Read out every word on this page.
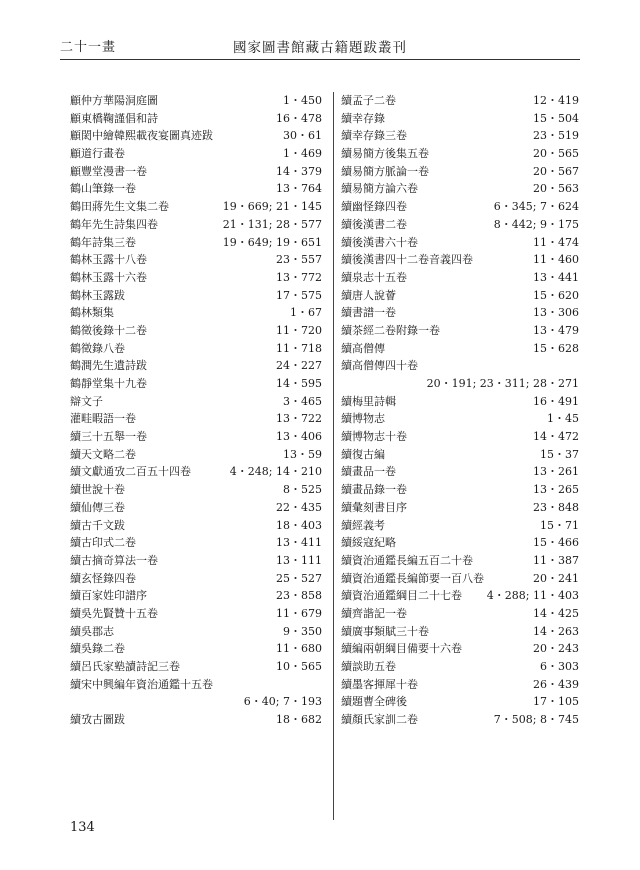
二十一畫	國家圖書館藏古籍題跋叢刊
顧仲方華陽洞庭圖	1・450
顧東橋鞠謹倡和詩	16・478
顧閎中繪韓熙載夜宴圖真迹跋	30・61
顧道行畫卷	1・469
顧豐堂漫書一卷	14・379
鶴山筆錄一卷	13・764
鶴田蔣先生文集二卷	19・669; 21・145
鶴年先生詩集四卷	21・131; 28・577
鶴年詩集三卷	19・649; 19・651
鶴林玉露十八卷	23・557
鶴林玉露十六卷	13・772
鶴林玉露跋	17・575
鶴林類集	1・67
鶴徵後錄十二卷	11・720
鶴徵錄八卷	11・718
鶴澗先生遺詩跋	24・227
鶴靜堂集十九卷	14・595
辯文子	3・465
灌畦暇語一卷	13・722
續三十五舉一卷	13・406
續天文略二卷	13・59
續文獻通攷二百五十四卷	4・248; 14・210
續世說十卷	8・525
續仙傳三卷	22・435
續古千文跋	18・403
續古印式二卷	13・411
續古摘奇算法一卷	13・111
續玄怪錄四卷	25・527
續百家姓印譜序	23・858
續吳先賢贊十五卷	11・679
續吳郡志	9・350
續吳錄二卷	11・680
續呂氏家塾讀詩記三卷	10・565
續宋中興編年資治通鑑十五卷
6・40; 7・193
續攷古圖跋	18・682
續孟子二卷	12・419
續幸存錄	15・504
續幸存錄三卷	23・519
續易簡方後集五卷	20・565
續易簡方脈論一卷	20・567
續易簡方論六卷	20・563
續幽怪錄四卷	6・345; 7・624
續後漢書二卷	8・442; 9・175
續後漢書六十卷	11・474
續後漢書四十二卷音義四卷	11・460
續泉志十五卷	13・441
續唐人說薈	15・620
續書譜一卷	13・306
續茶經二卷附錄一卷	13・479
續高僧傳	15・628
續高僧傳四十卷
20・191; 23・311; 28・271
續梅里詩輯	16・491
續博物志	1・45
續博物志十卷	14・472
續復古編	15・37
續畫品一卷	13・261
續畫品錄一卷	13・265
續彙刻書目序	23・848
續經義考	15・71
續綏寇紀略	15・466
續資治通鑑長編五百二十卷	11・387
續資治通鑑長編節要一百八卷	20・241
續資治通鑑綱目二十七卷 4・288; 11・403
續齊諧記一卷	14・425
續廣事類賦三十卷	14・263
續編兩朝綱目備要十六卷	20・243
續談助五卷	6・303
續墨客揮犀十卷	26・439
續題曹全碑後	17・105
續顏氏家訓二卷	7・508; 8・745
134
